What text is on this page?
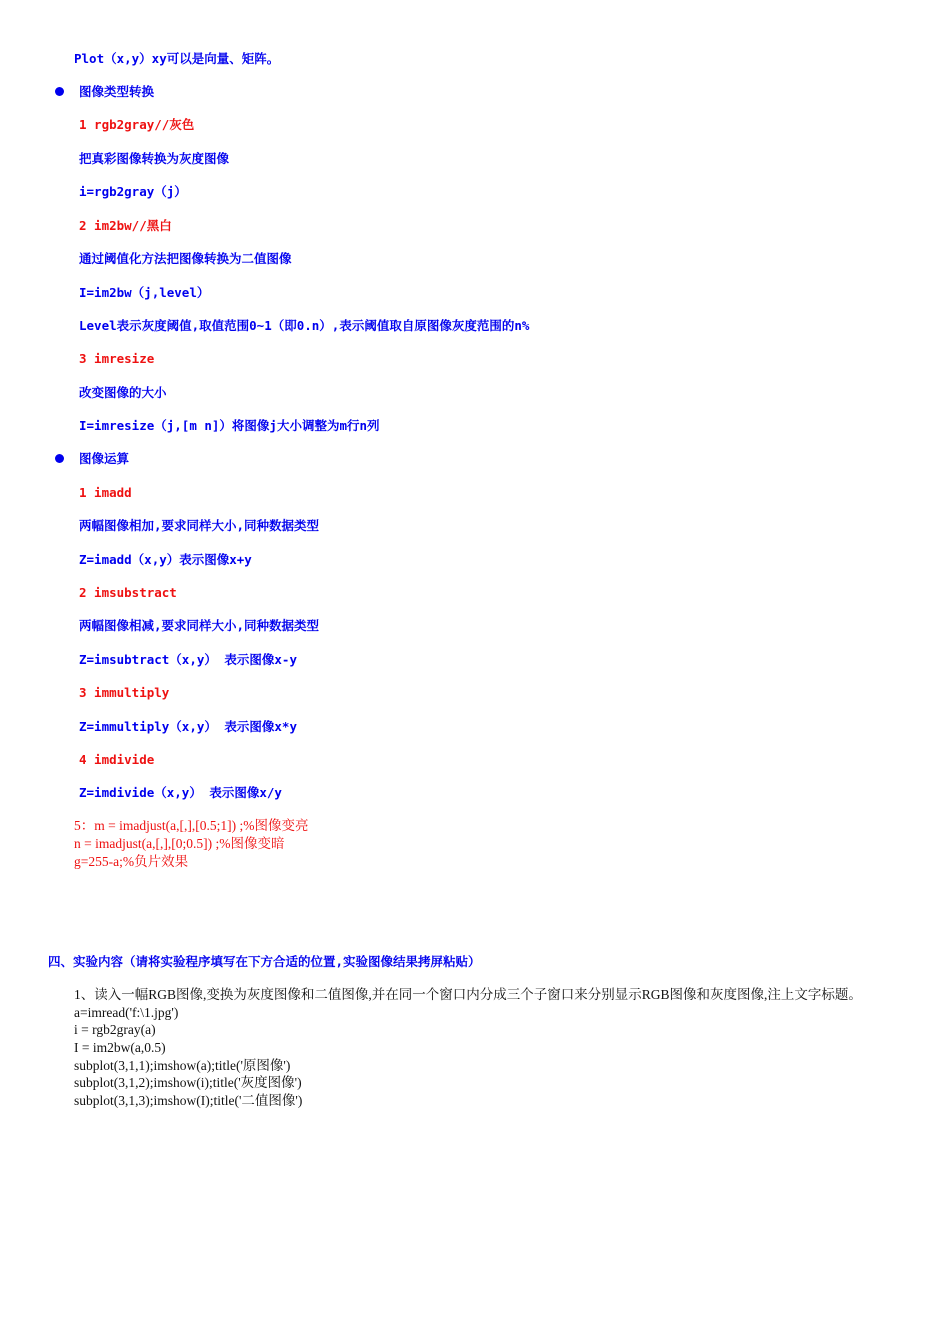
Plot（x,y）xy可以是向量、矩阵。
图像类型转换
1 rgb2gray//灰色
把真彩图像转换为灰度图像
i=rgb2gray（j）
2 im2bw//黑白
通过阈值化方法把图像转换为二值图像
I=im2bw（j,level）
Level表示灰度阈值,取值范围0~1（即0.n）,表示阈值取自原图像灰度范围的n%
3 imresize
改变图像的大小
I=imresize（j,[m n]）将图像j大小调整为m行n列
图像运算
1 imadd
两幅图像相加,要求同样大小,同种数据类型
Z=imadd（x,y）表示图像x+y
2 imsubstract
两幅图像相减,要求同样大小,同种数据类型
Z=imsubtract（x,y） 表示图像x-y
3 immultiply
Z=immultiply（x,y） 表示图像x*y
4 imdivide
Z=imdivide（x,y） 表示图像x/y
5：m = imadjust(a,[,],[0.5;1]) ;%图像变亮
n = imadjust(a,[,],[0;0.5]) ;%图像变暗
g=255-a;%负片效果
四、实验内容（请将实验程序填写在下方合适的位置,实验图像结果拷屏粘贴）
1、读入一幅RGB图像,变换为灰度图像和二值图像,并在同一个窗口内分成三个子窗口来分别显示RGB图像和灰度图像,注上文字标题。
a=imread('f:\1.jpg')
i = rgb2gray(a)
I = im2bw(a,0.5)
subplot(3,1,1);imshow(a);title('原图像')
subplot(3,1,2);imshow(i);title('灰度图像')
subplot(3,1,3);imshow(I);title('二值图像')
